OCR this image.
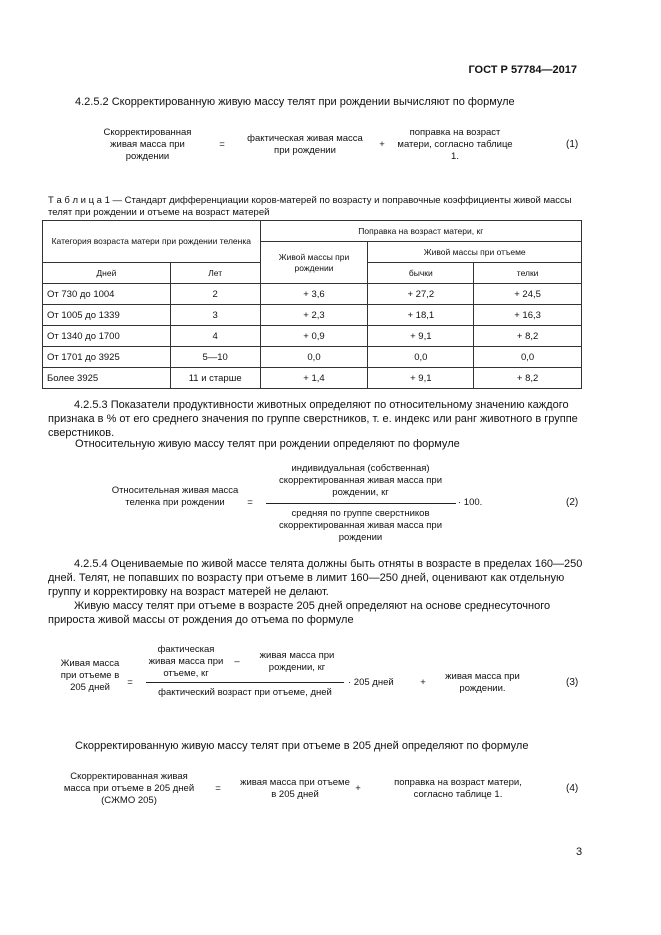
ГОСТ Р 57784—2017
4.2.5.2 Скорректированную живую массу телят при рождении вычисляют по формуле
Скорректированная живая масса при рождении
=
фактическая живая масса при рождении
+
поправка на возраст матери, согласно таблице 1.
(1)
Т а б л и ц а 1 — Стандарт дифференциации коров-матерей по возрасту и поправочные коэффициенты живой массы телят при рождении и отъеме на возраст матерей
Категория возраста матери при рождении теленка		Поправка на возраст матери, кг		
		Живой массы при рождении	Живой массы при отъеме	
Дней	Лет		бычки	телки
От 730 до 1004	2	+ 3,6	+ 27,2	+ 24,5
От 1005 до 1339	3	+ 2,3	+ 18,1	+ 16,3
От 1340 до 1700	4	+ 0,9	+ 9,1	+ 8,2
От 1701 до 3925	5—10	0,0	0,0	0,0
Более 3925	11 и старше	+ 1,4	+ 9,1	+ 8,2
4.2.5.3 Показатели продуктивности животных определяют по относительному значению каждого признака в % от его среднего значения по группе сверстников, т. е. индекс или ранг животного в группе сверстников.
Относительную живую массу телят при рождении определяют по формуле
Относительная живая масса теленка при рождении	=
индивидуальная (собственная) скорректированная живая масса при рождении, кг
средняя по группе сверстников скорректированная живая масса при рождении
· 100.	(2)
4.2.5.4 Оцениваемые по живой массе телята должны быть отняты в возрасте в пределах 160—250 дней. Телят, не попавших по возрасту при отъеме в лимит 160—250 дней, оценивают как отдельную группу и корректировку на возраст матерей не делают.
Живую массу телят при отъеме в возрасте 205 дней определяют на основе среднесуточного прироста живой массы от рождения до отъема по формуле
Живая масса при отъеме в 205 дней	=
фактическая живая масса при отъеме, кг
–
живая масса при рождении, кг
фактический возраст при отъеме, дней
· 205 дней	+
живая масса при рождении.
(3)
Скорректированную живую массу телят при отъеме в 205 дней определяют по формуле
Скорректированная живая масса при отъеме в 205 дней (СЖМО 205)
=
живая масса при отъеме в 205 дней
+
поправка на возраст матери, согласно таблице 1.
(4)
3
